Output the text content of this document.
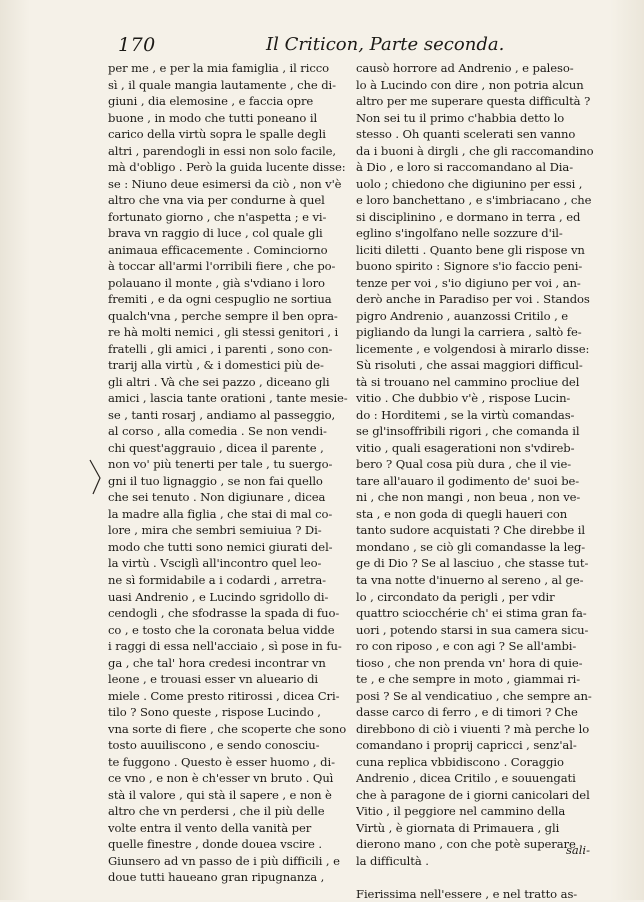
170	Il Criticon, Parte seconda.
per me , e per la mia famiglia , il ricco
sì , il quale mangia lautamente , che di-
giuni , dia elemosine , e faccia opre
buone , in modo che tutti poneano il
carico della virtù sopra le spalle degli
altri , parendogli in essi non solo facile,
mà d'obligo . Però la guida lucente disse:
se : Niuno deue esimersi da ciò , non v'è
altro che vna via per condurne à quel
fortunato giorno , che n'aspetta ; e vi-
brava vn raggio di luce , col quale gli
animaua efficacemente . Cominciorno
à toccar all'armi l'orribili fiere , che po-
polauano il monte , già s'vdiano i loro
fremiti , e da ogni cespuglio ne sortiua
qualch'vna , perche sempre il ben opra-
re hà molti nemici , gli stessi genitori , i
fratelli , gli amici , i parenti , sono con-
trarij alla virtù , & i domestici più de-
gli altri . Và che sei pazzo , diceano gli
amici , lascia tante orationi , tante mesie-
se , tanti rosarj , andiamo al passeggio,
al corso , alla comedia . Se non vendi-
chi quest'aggrauio , dicea il parente ,
non vo' più tenerti per tale , tu suergo-
gni il tuo lignaggio , se non fai quello
che sei tenuto . Non digiunare , dicea
la madre alla figlia , che stai di mal co-
lore , mira che sembri semiuiua ? Di-
modo che tutti sono nemici giurati del-
la virtù . Vsciglì all'incontro quel leo-
ne sì formidabile a i codardi , arretra-
uasi Andrenio , e Lucindo sgridollo di-
cendogli , che sfodrasse la spada di fuo-
co , e tosto che la coronata belua vidde
i raggi di essa nell'acciaio , sì pose in fu-
ga , che tal' hora credesi incontrar vn
leone , e trouasi esser vn alueario di
miele . Come presto ritirossi , dicea Cri-
tilo ? Sono queste , rispose Lucindo ,
vna sorte di fiere , che scoperte che sono
tosto auuiliscono , e sendo conosciu-
te fuggono . Questo è esser huomo , di-
ce vno , e non è ch'esser vn bruto . Quì
stà il valore , qui stà il sapere , e non è
altro che vn perdersi , che il più delle
volte entra il vento della vanità per
quelle finestre , donde doueа vscire .
Giunsero ad vn passo de i più difficili , e
doue tutti haueano gran ripugnanza ,
causò horrore ad Andrenio , e paleso-
lo à Lucindo con dire , non potria alcun
altro per me superare questa difficultà ?
Non sei tu il primo c'habbia detto lo
stesso . Oh quanti scelerati sen vanno
da i buoni à dirgli , che gli raccomandino
à Dio , e loro si raccomandano al Dia-
uolo ; chiedono che digiunino per essi ,
e loro banchettano , e s'imbriacano , che
si disciplinino , e dormano in terra , ed
eglino s'ingolfano nelle sozzure d'il-
liciti diletti . Quanto bene gli rispose vn
buono spirito : Signore s'io faccio peni-
tenze per voi , s'io digiuno per voi , an-
derò anche in Paradiso per voi . Standos
pigro Andrenio , auanzossi Critilo , e
pigliando da lungi la carriera , saltò fe-
licemente , e volgendosi à mirarlo disse:
Sù risoluti , che assai maggiori difficul-
tà si trouano nel cammino procliue del
vitio . Che dubbio v'è , rispose Lucin-
do : Horditemi , se la virtù comandas-
se gl'insoffribili rigori , che comanda il
vitio , quali esagerationi non s'vdireb-
bero ? Qual cosa più dura , che il vie-
tare all'auaro il godimento de' suoi be-
ni , che non mangi , non beua , non ve-
sta , e non goda di quegli haueri con
tanto sudore acquistati ? Che direbbe il
mondano , se ciò gli comandasse la leg-
ge di Dio ? Se al lasciuo , che stasse tut-
ta vna notte d'inuerno al sereno , al ge-
lo , circondato da perigli , per vdir
quattro sciocchérie ch' ei stima gran fa-
uori , potendo starsi in sua camera sicu-
ro con riposo , e con agi ? Se all'ambi-
tioso , che non prenda vn' hora di quie-
te , e che sempre in moto , giammai ri-
posi ? Se al vendicatiuo , che sempre an-
dasse carco di ferro , e di timori ? Che
direbbono di ciò i viuenti ? mà perche lo
comandano i proprij capricci , senz'al-
cuna replica vbbidiscono . Coraggio
Andrenio , dicea Critilo , e souuengati
che à paragone de i giorni canicolari del
Vitio , il peggiore nel cammino della
Virtù , è giornata di Primauera , gli
dierono mano , con che potè superare
la difficultà .

Fierissima nell'essere , e nel tratto as-
sali-
